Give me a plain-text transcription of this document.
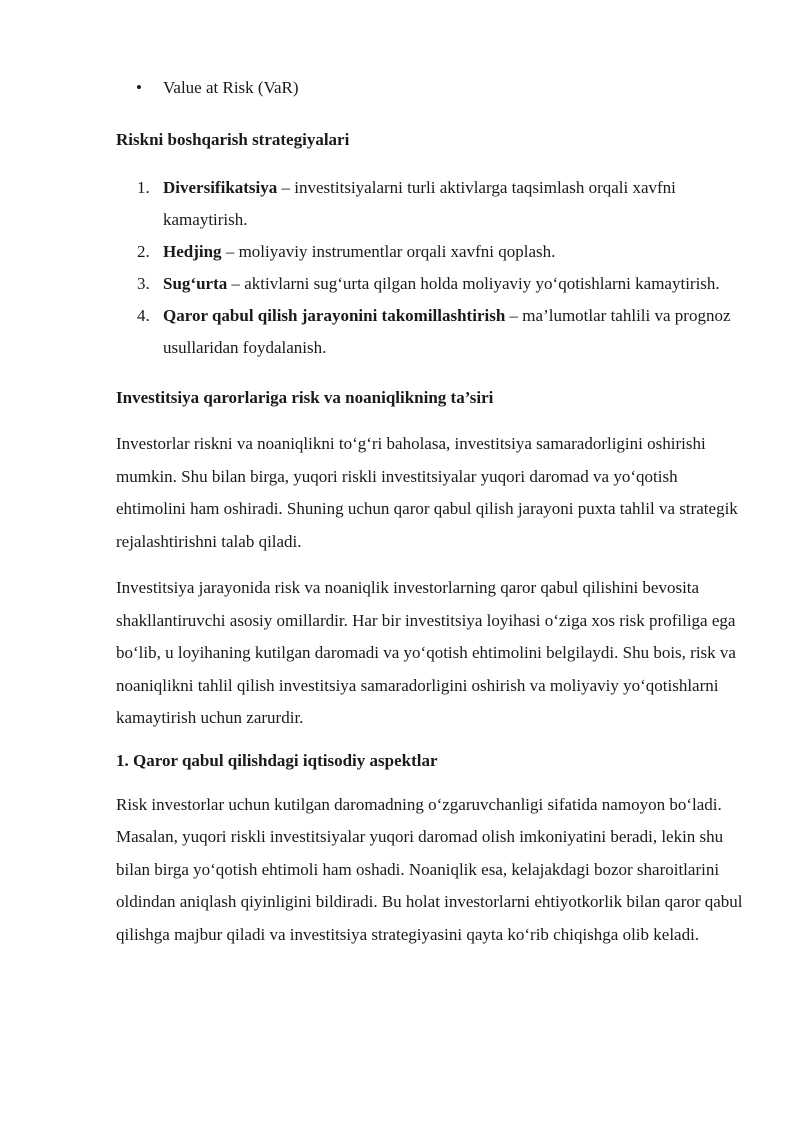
•	Value at Risk (VaR)
Riskni boshqarish strategiyalari
1. Diversifikatsiya – investitsiyalarni turli aktivlarga taqsimlash orqali xavfni kamaytirish.
2. Hedjing – moliyaviy instrumentlar orqali xavfni qoplash.
3. Sug‘urta – aktivlarni sug‘urta qilgan holda moliyaviy yo‘qotishlarni kamaytirish.
4. Qaror qabul qilish jarayonini takomillashtirish – ma’lumotlar tahlili va prognoz usullaridan foydalanish.
Investitsiya qarorlariga risk va noaniqlikning ta’siri

Investorlar riskni va noaniqlikni to‘g‘ri baholasa, investitsiya samaradorligini oshirishi mumkin. Shu bilan birga, yuqori riskli investitsiyalar yuqori daromad va yo‘qotish ehtimolini ham oshiradi. Shuning uchun qaror qabul qilish jarayoni puxta tahlil va strategik rejalashtirishni talab qiladi.

Investitsiya jarayonida risk va noaniqlik investorlarning qaror qabul qilishini bevosita shakllantiruvchi asosiy omillardir. Har bir investitsiya loyihasi o‘ziga xos risk profiliga ega bo‘lib, u loyihaning kutilgan daromadi va yo‘qotish ehtimolini belgilaydi. Shu bois, risk va noaniqlikni tahlil qilish investitsiya samaradorligini oshirish va moliyaviy yo‘qotishlarni kamaytirish uchun zarurdir.

1. Qaror qabul qilishdagi iqtisodiy aspektlar

Risk investorlar uchun kutilgan daromadning o‘zgaruvchanligi sifatida namoyon bo‘ladi. Masalan, yuqori riskli investitsiyalar yuqori daromad olish imkoniyatini beradi, lekin shu bilan birga yo‘qotish ehtimoli ham oshadi. Noaniqlik esa, kelajakdagi bozor sharoitlarini oldindan aniqlash qiyinligini bildiradi. Bu holat investorlarni ehtiyotkorlik bilan qaror qabul qilishga majbur qiladi va investitsiya strategiyasini qayta ko‘rib chiqishga olib keladi.
